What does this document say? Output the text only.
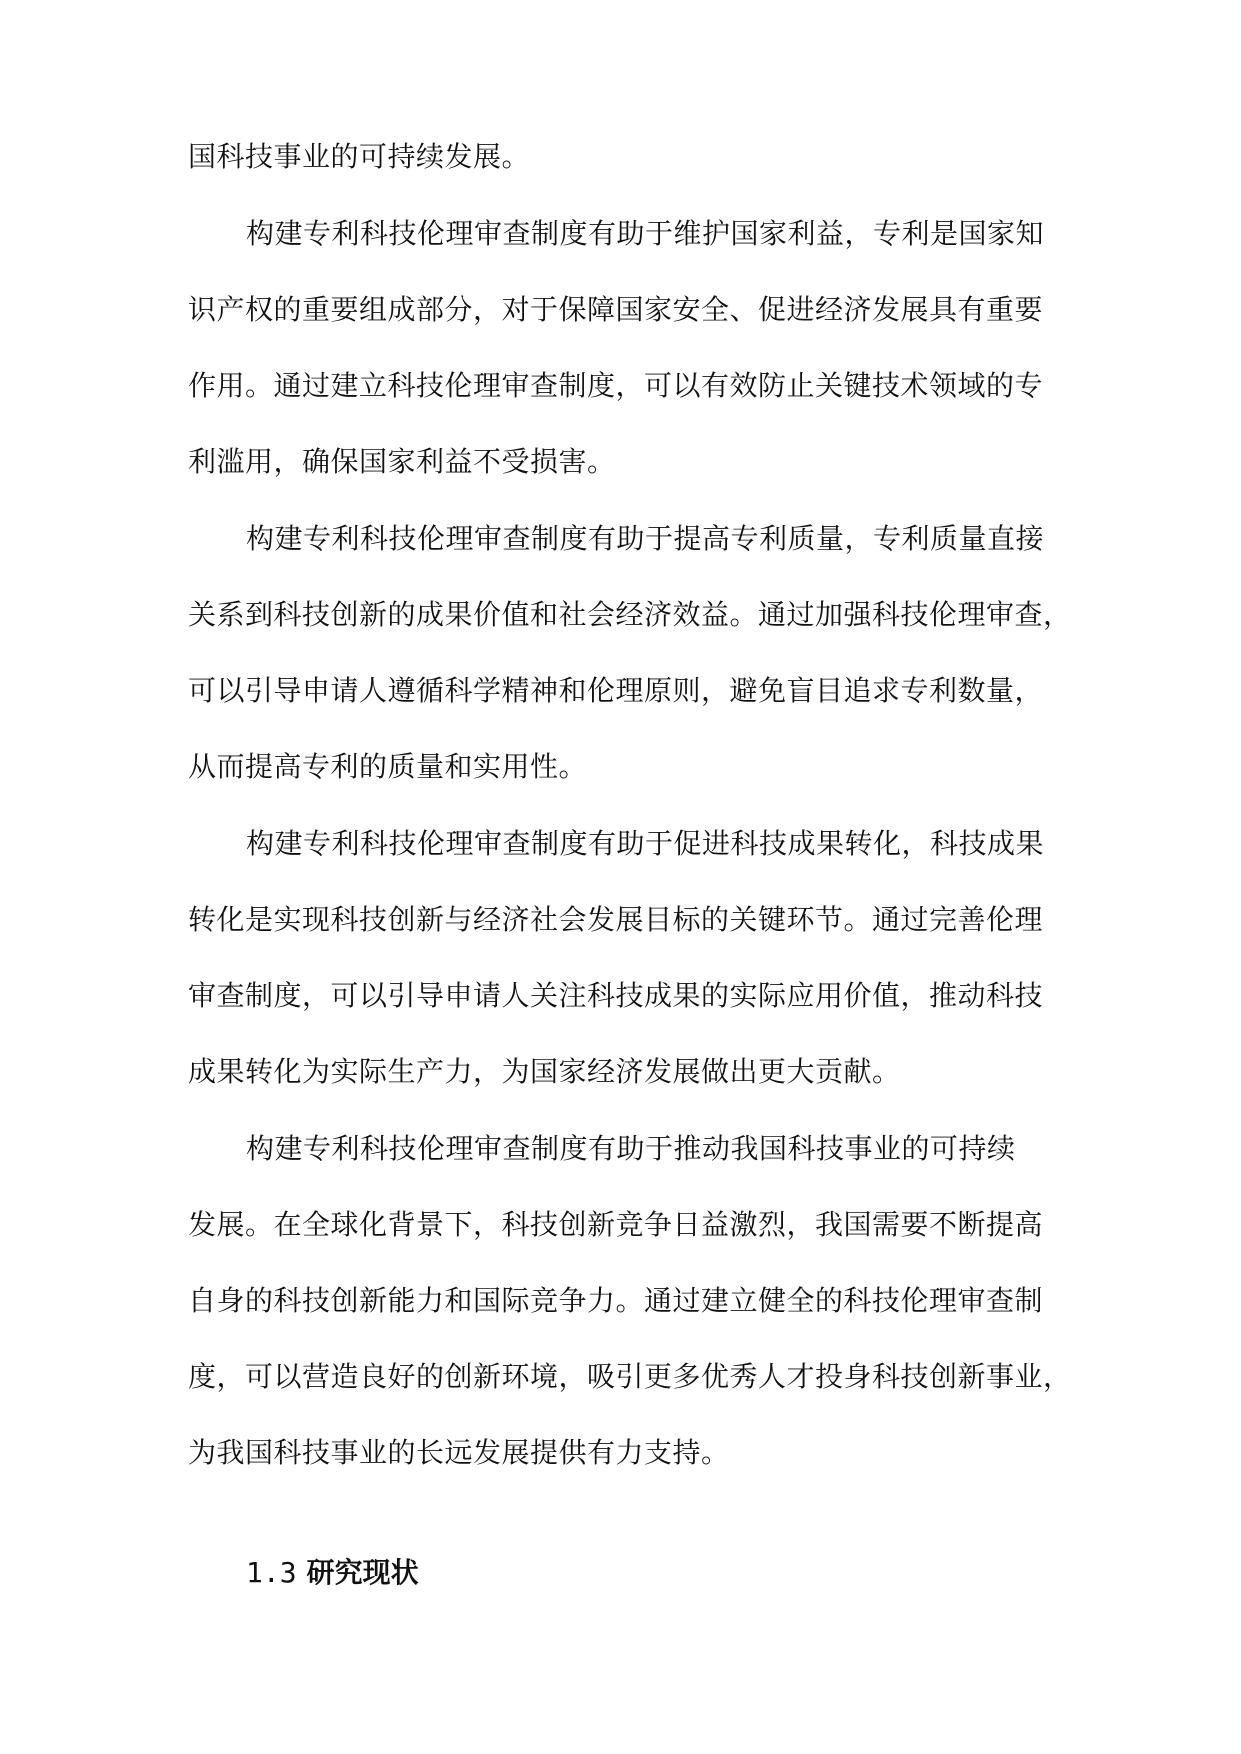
国科技事业的可持续发展。
构建专利科技伦理审查制度有助于维护国家利益，专利是国家知
识产权的重要组成部分，对于保障国家安全、促进经济发展具有重要
作用。通过建立科技伦理审查制度，可以有效防止关键技术领域的专
利滥用，确保国家利益不受损害。
构建专利科技伦理审查制度有助于提高专利质量，专利质量直接
关系到科技创新的成果价值和社会经济效益。通过加强科技伦理审查，
可以引导申请人遵循科学精神和伦理原则，避免盲目追求专利数量，
从而提高专利的质量和实用性。
构建专利科技伦理审查制度有助于促进科技成果转化，科技成果
转化是实现科技创新与经济社会发展目标的关键环节。通过完善伦理
审查制度，可以引导申请人关注科技成果的实际应用价值，推动科技
成果转化为实际生产力，为国家经济发展做出更大贡献。
构建专利科技伦理审查制度有助于推动我国科技事业的可持续
发展。在全球化背景下，科技创新竞争日益激烈，我国需要不断提高
自身的科技创新能力和国际竞争力。通过建立健全的科技伦理审查制
度，可以营造良好的创新环境，吸引更多优秀人才投身科技创新事业，
为我国科技事业的长远发展提供有力支持。
1.3 研究现状
